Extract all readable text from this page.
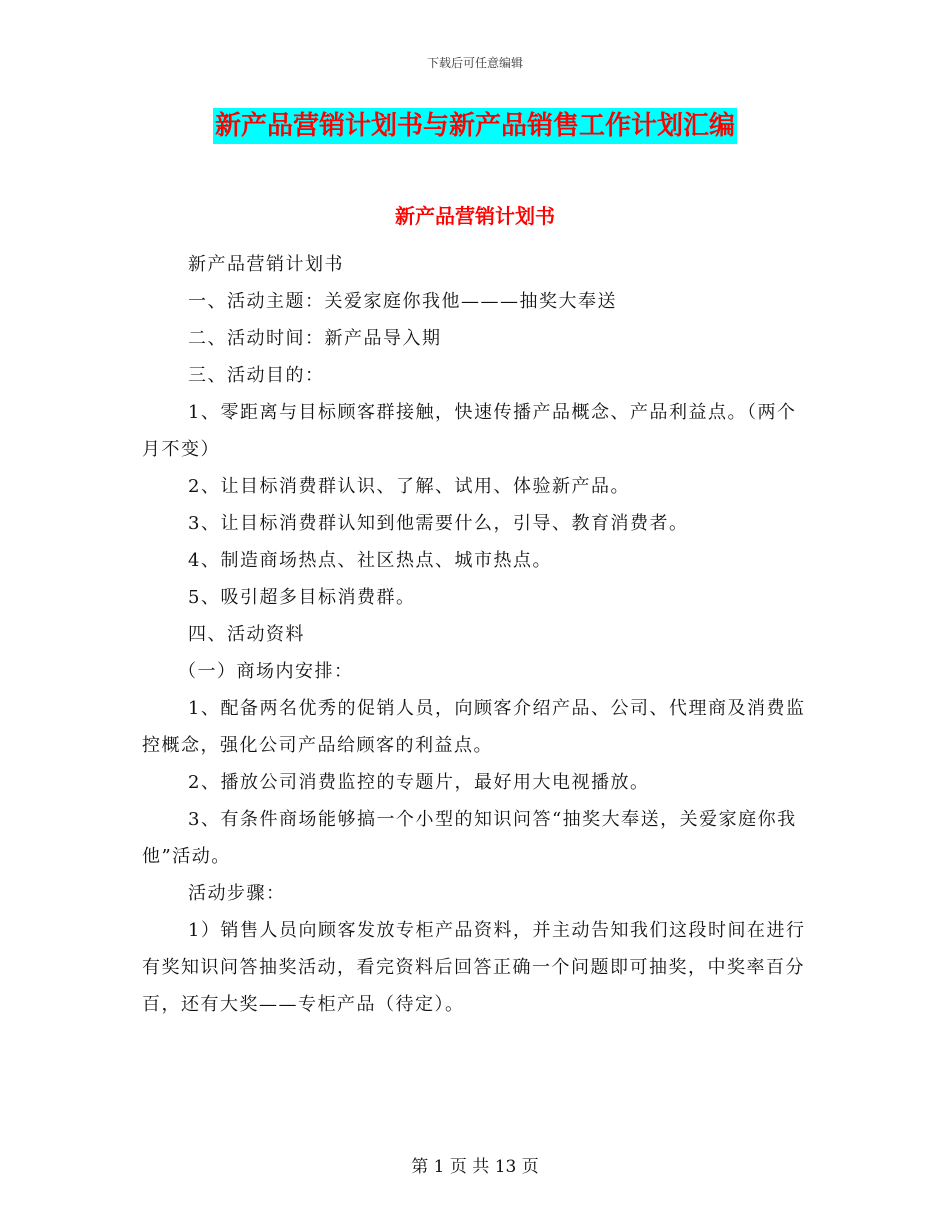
下载后可任意编辑
新产品营销计划书与新产品销售工作计划汇编
新产品营销计划书

新产品营销计划书

一、活动主题：关爱家庭你我他———抽奖大奉送

二、活动时间：新产品导入期

三、活动目的：

1、零距离与目标顾客群接触，快速传播产品概念、产品利益点。（两个月不变）

2、让目标消费群认识、了解、试用、体验新产品。

3、让目标消费群认知到他需要什么，引导、教育消费者。

4、制造商场热点、社区热点、城市热点。

5、吸引超多目标消费群。

四、活动资料

（一）商场内安排：

1、配备两名优秀的促销人员，向顾客介绍产品、公司、代理商及消费监控概念，强化公司产品给顾客的利益点。

2、播放公司消费监控的专题片，最好用大电视播放。

3、有条件商场能够搞一个小型的知识问答“抽奖大奉送，关爱家庭你我他”活动。

活动步骤：

1）销售人员向顾客发放专柜产品资料，并主动告知我们这段时间在进行有奖知识问答抽奖活动，看完资料后回答正确一个问题即可抽奖，中奖率百分百，还有大奖——专柜产品（待定）。

第 1 页 共 13 页
